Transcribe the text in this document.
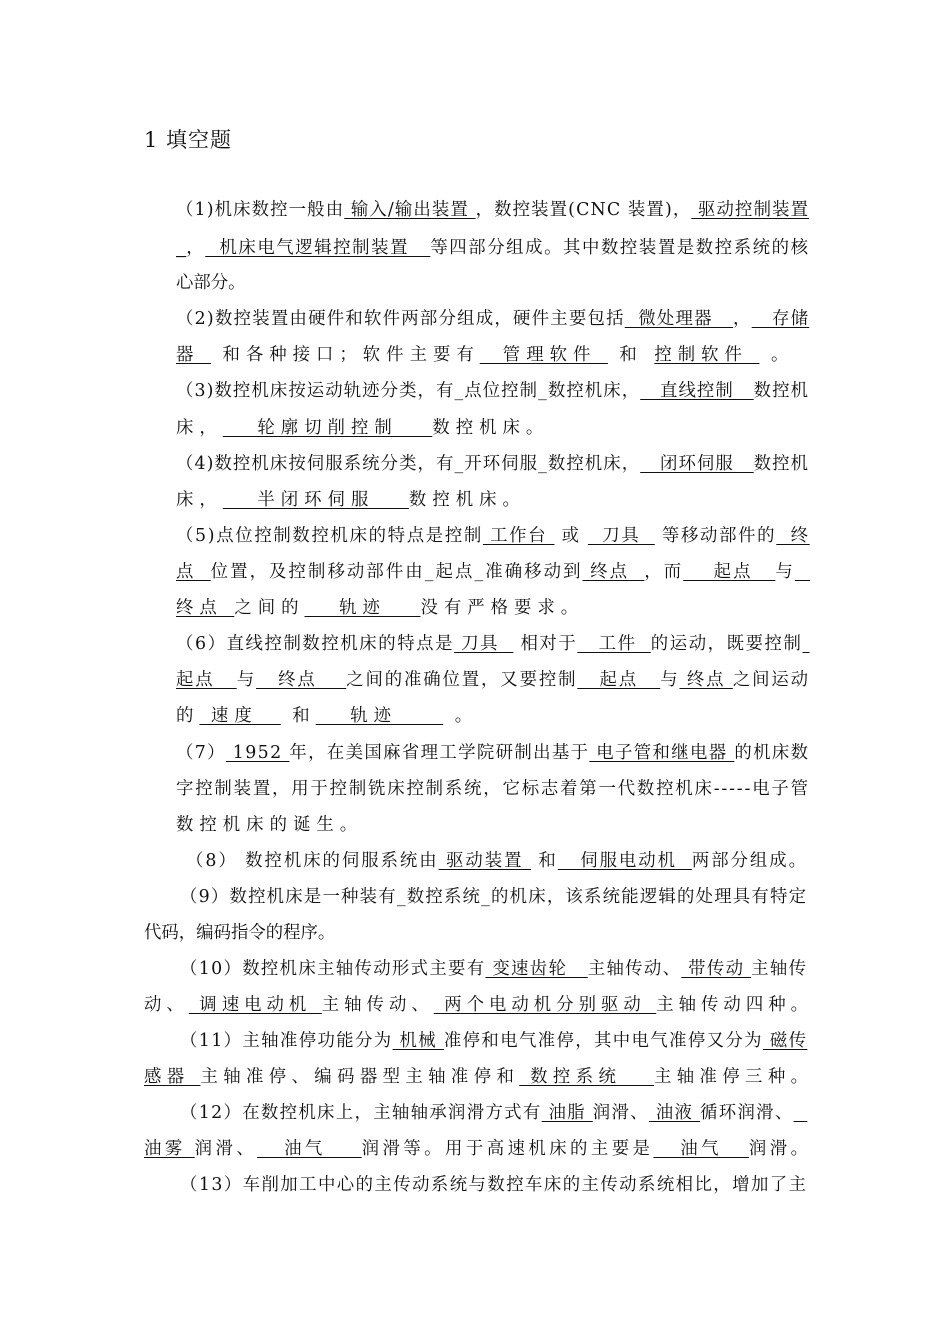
1 填空题
（1)机床数控一般由 输入/输出装置 ，数控装置(CNC 装置)， 驱动控制装置
_，  机床电气逻辑控制装置   等四部分组成。其中数控装置是数控系统的核
心部分。
（2)数控装置由硬件和软件两部分组成，硬件主要包括  微处理器   ，   存储
器  和各种接口；软件主要有  管理软件  和 控制软件  。
（3)数控机床按运动轨迹分类，有_点位控制_数控机床，   直线控制   数控机
床，   轮廓切削控制   数控机床。
（4)数控机床按伺服系统分类，有_开环伺服_数控机床，   闭环伺服   数控机
床，   半闭环伺服   数控机床。
（5)点位控制数控机床的特点是控制 工作台  或   刀具   等移动部件的  终
点  位置，及控制移动部件由_起点_准确移动到 终点  ，而    起点   与
终点 之间的   轨迹   没有严格要求。
（6）直线控制数控机床的特点是 刀具   相对于   工件  的运动，既要控制
起点   与   终点    之间的准确位置，又要控制   起点   与 终点 之间运动
的 速度   和   轨迹     。
（7） 1952 年，在美国麻省理工学院研制出基于 电子管和继电器 的机床数
字控制装置，用于控制铣床控制系统，它标志着第一代数控机床-----电子管
数控机床的诞生。
（8） 数控机床的伺服系统由 驱动装置  和   伺服电动机  两部分组成。
（9）数控机床是一种装有_数控系统_的机床，该系统能逻辑的处理具有特定
代码，编码指令的程序。
（10）数控机床主轴传动形式主要有 变速齿轮   主轴传动、 带传动 主轴传
动、 调速电动机 主轴传动、 两个电动机分别驱动 主轴传动四种。
（11）主轴准停功能分为 机械 准停和电气准停，其中电气准停又分为 磁传
感器 主轴准停、编码器型主轴准停和 数控系统   主轴准停三种。
（12）在数控机床上，主轴轴承润滑方式有 油脂 润滑、 油液 循环润滑、
油雾 润滑、   油气    润滑等。用于高速机床的主要是   油气   润滑。
（13）车削加工中心的主传动系统与数控车床的主传动系统相比，增加了主
